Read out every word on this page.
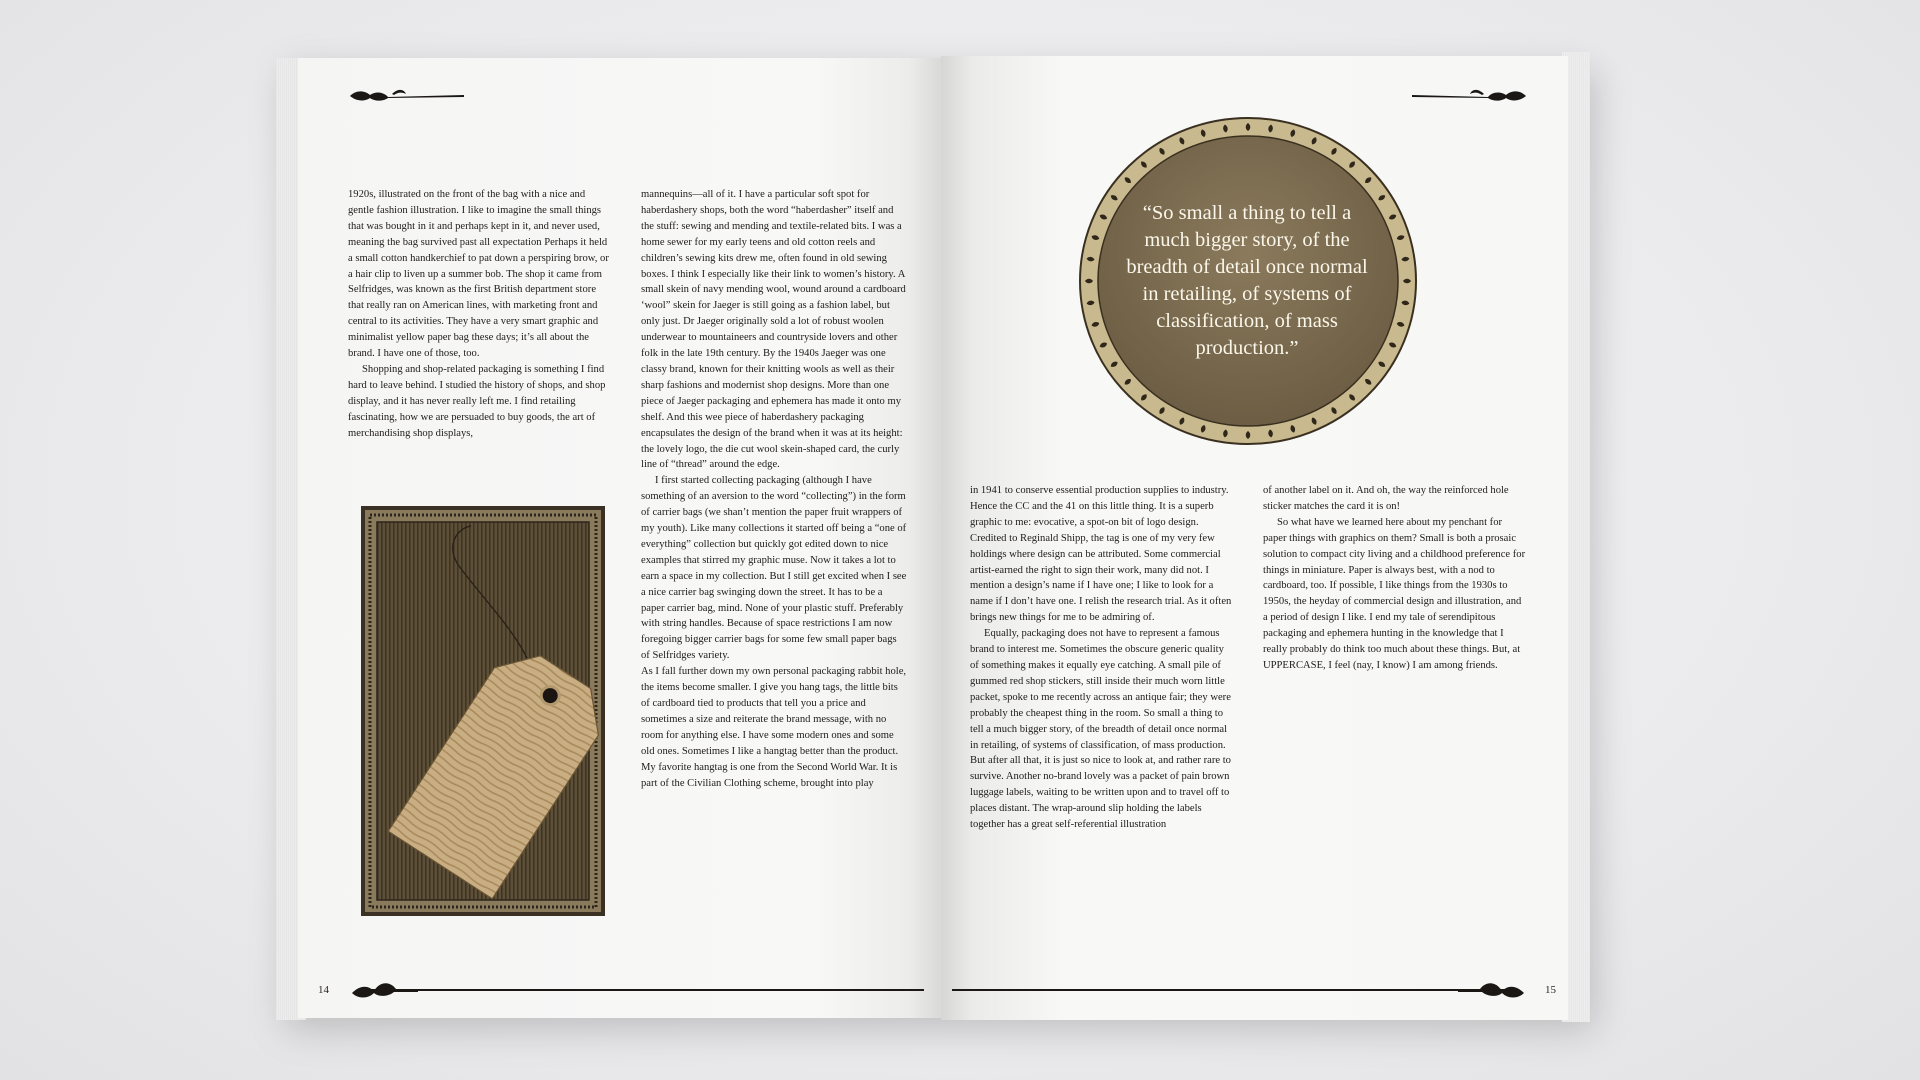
1920s, illustrated on the front of the bag with a nice and gentle fashion illustration. I like to imagine the small things that was bought in it and perhaps kept in it, and never used, meaning the bag survived past all expectation Perhaps it held a small cotton handkerchief to pat down a perspiring brow, or a hair clip to liven up a summer bob. The shop it came from Selfridges, was known as the first British department store that really ran on American lines, with marketing front and central to its activities. They have a very smart graphic and minimalist yellow paper bag these days; it’s all about the brand. I have one of those, too.

Shopping and shop-related packaging is something I find hard to leave behind. I studied the history of shops, and shop display, and it has never really left me. I find retailing fascinating, how we are persuaded to buy goods, the art of merchandising shop displays,

mannequins—all of it. I have a particular soft spot for haberdashery shops, both the word “haberdasher” itself and the stuff: sewing and mending and textile-related bits. I was a home sewer for my early teens and old cotton reels and children’s sewing kits drew me, often found in old sewing boxes. I think I especially like their link to women’s history. A small skein of navy mending wool, wound around a cardboard ‘wool” skein for Jaeger is still going as a fashion label, but only just. Dr Jaeger originally sold a lot of robust woolen underwear to mountaineers and countryside lovers and other folk in the late 19th century. By the 1940s Jaeger was one classy brand, known for their knitting wools as well as their sharp fashions and modernist shop designs. More than one piece of Jaeger packaging and ephemera has made it onto my shelf. And this wee piece of haberdashery packaging encapsulates the design of the brand when it was at its height: the lovely logo, the die cut wool skein-shaped card, the curly line of “thread” around the edge.

I first started collecting packaging (although I have something of an aversion to the word “collecting”) in the form of carrier bags (we shan’t mention the paper fruit wrappers of my youth). Like many collections it started off being a “one of everything” collection but quickly got edited down to nice examples that stirred my graphic muse. Now it takes a lot to earn a space in my collection. But I still get excited when I see a nice carrier bag swinging down the street. It has to be a paper carrier bag, mind. None of your plastic stuff. Preferably with string handles. Because of space restrictions I am now foregoing bigger carrier bags for some few small paper bags of Selfridges variety.

As I fall further down my own personal packaging rabbit hole, the items become smaller. I give you hang tags, the little bits of cardboard tied to products that tell you a price and sometimes a size and reiterate the brand message, with no room for anything else. I have some modern ones and some old ones. Sometimes I like a hangtag better than the product. My favorite hangtag is one from the Second World War. It is part of the Civilian Clothing scheme, brought into play

14
“So small a thing to tell a much bigger story, of the breadth of detail once normal in retailing, of systems of classification, of mass production.”

in 1941 to conserve essential production supplies to industry. Hence the CC and the 41 on this little thing. It is a superb graphic to me: evocative, a spot-on bit of logo design. Credited to Reginald Shipp, the tag is one of my very few holdings where design can be attributed. Some commercial artist-earned the right to sign their work, many did not. I mention a design’s name if I have one; I like to look for a name if I don’t have one. I relish the research trial. As it often brings new things for me to be admiring of.

Equally, packaging does not have to represent a famous brand to interest me. Sometimes the obscure generic quality of something makes it equally eye catching. A small pile of gummed red shop stickers, still inside their much worn little packet, spoke to me recently across an antique fair; they were probably the cheapest thing in the room. So small a thing to tell a much bigger story, of the breadth of detail once normal in retailing, of systems of classification, of mass production. But after all that, it is just so nice to look at, and rather rare to survive. Another no-brand lovely was a packet of pain brown luggage labels, waiting to be written upon and to travel off to places distant. The wrap-around slip holding the labels together has a great self-referential illustration

of another label on it. And oh, the way the reinforced hole sticker matches the card it is on!

So what have we learned here about my penchant for paper things with graphics on them? Small is both a prosaic solution to compact city living and a childhood preference for things in miniature. Paper is always best, with a nod to cardboard, too. If possible, I like things from the 1930s to 1950s, the heyday of commercial design and illustration, and a period of design I like. I end my tale of serendipitous packaging and ephemera hunting in the knowledge that I really probably do think too much about these things. But, at UPPERCASE, I feel (nay, I know) I am among friends.

15
